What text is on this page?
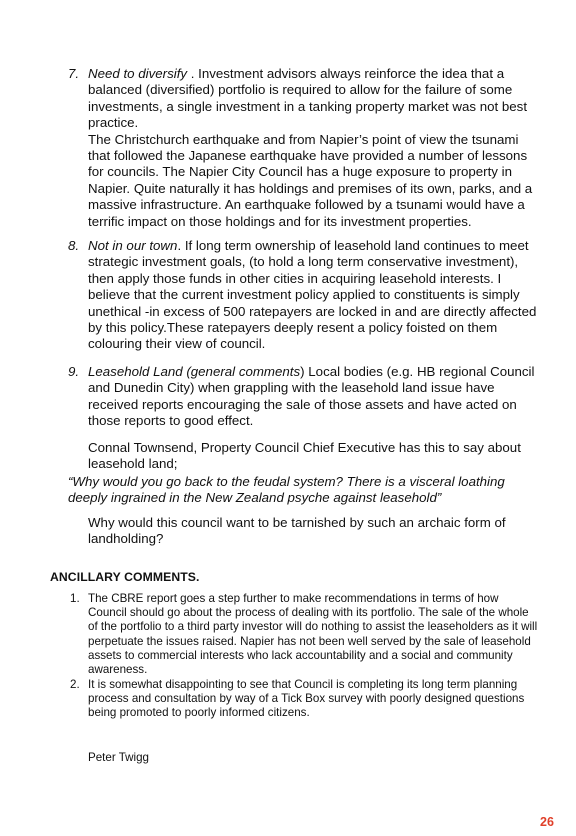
7. Need to diversify . Investment advisors always reinforce the idea that a balanced (diversified) portfolio is required to allow for the failure of some investments, a single investment in a tanking property market was not best practice.

The Christchurch earthquake and from Napier’s point of view the tsunami that followed the Japanese earthquake have provided a number of lessons for councils. The Napier City Council has a huge exposure to property in Napier. Quite naturally it has holdings and premises of its own, parks, and a massive infrastructure. An earthquake followed by a tsunami would have a terrific impact on those holdings and for its investment properties.

8. Not in our town. If long term ownership of leasehold land continues to meet strategic investment goals, (to hold a long term conservative investment), then apply those funds in other cities in acquiring leasehold interests. I believe that the current investment policy applied to constituents is simply unethical -in excess of 500 ratepayers are locked in and are directly affected by this policy.These ratepayers deeply resent a policy foisted on them colouring their view of council.

9. Leasehold Land (general comments) Local bodies (e.g. HB regional Council and Dunedin City) when grappling with the leasehold land issue have received reports encouraging the sale of those assets and have acted on those reports to good effect.

Connal Townsend, Property Council Chief Executive has this to say about leasehold land;

“Why would you go back to the feudal system? There is a visceral loathing deeply ingrained in the New Zealand psyche against leasehold”

Why would this council want to be tarnished by such an archaic form of landholding?

ANCILLARY COMMENTS.
1. The CBRE report goes a step further to make recommendations in terms of how Council should go about the process of dealing with its portfolio. The sale of the whole of the portfolio to a third party investor will do nothing to assist the leaseholders as it will perpetuate the issues raised. Napier has not been well served by the sale of leasehold assets to commercial interests who lack accountability and a social and community awareness.
2. It is somewhat disappointing to see that Council is completing its long term planning process and consultation by way of a Tick Box survey with poorly designed questions being promoted to poorly informed citizens.
Peter Twigg
26
